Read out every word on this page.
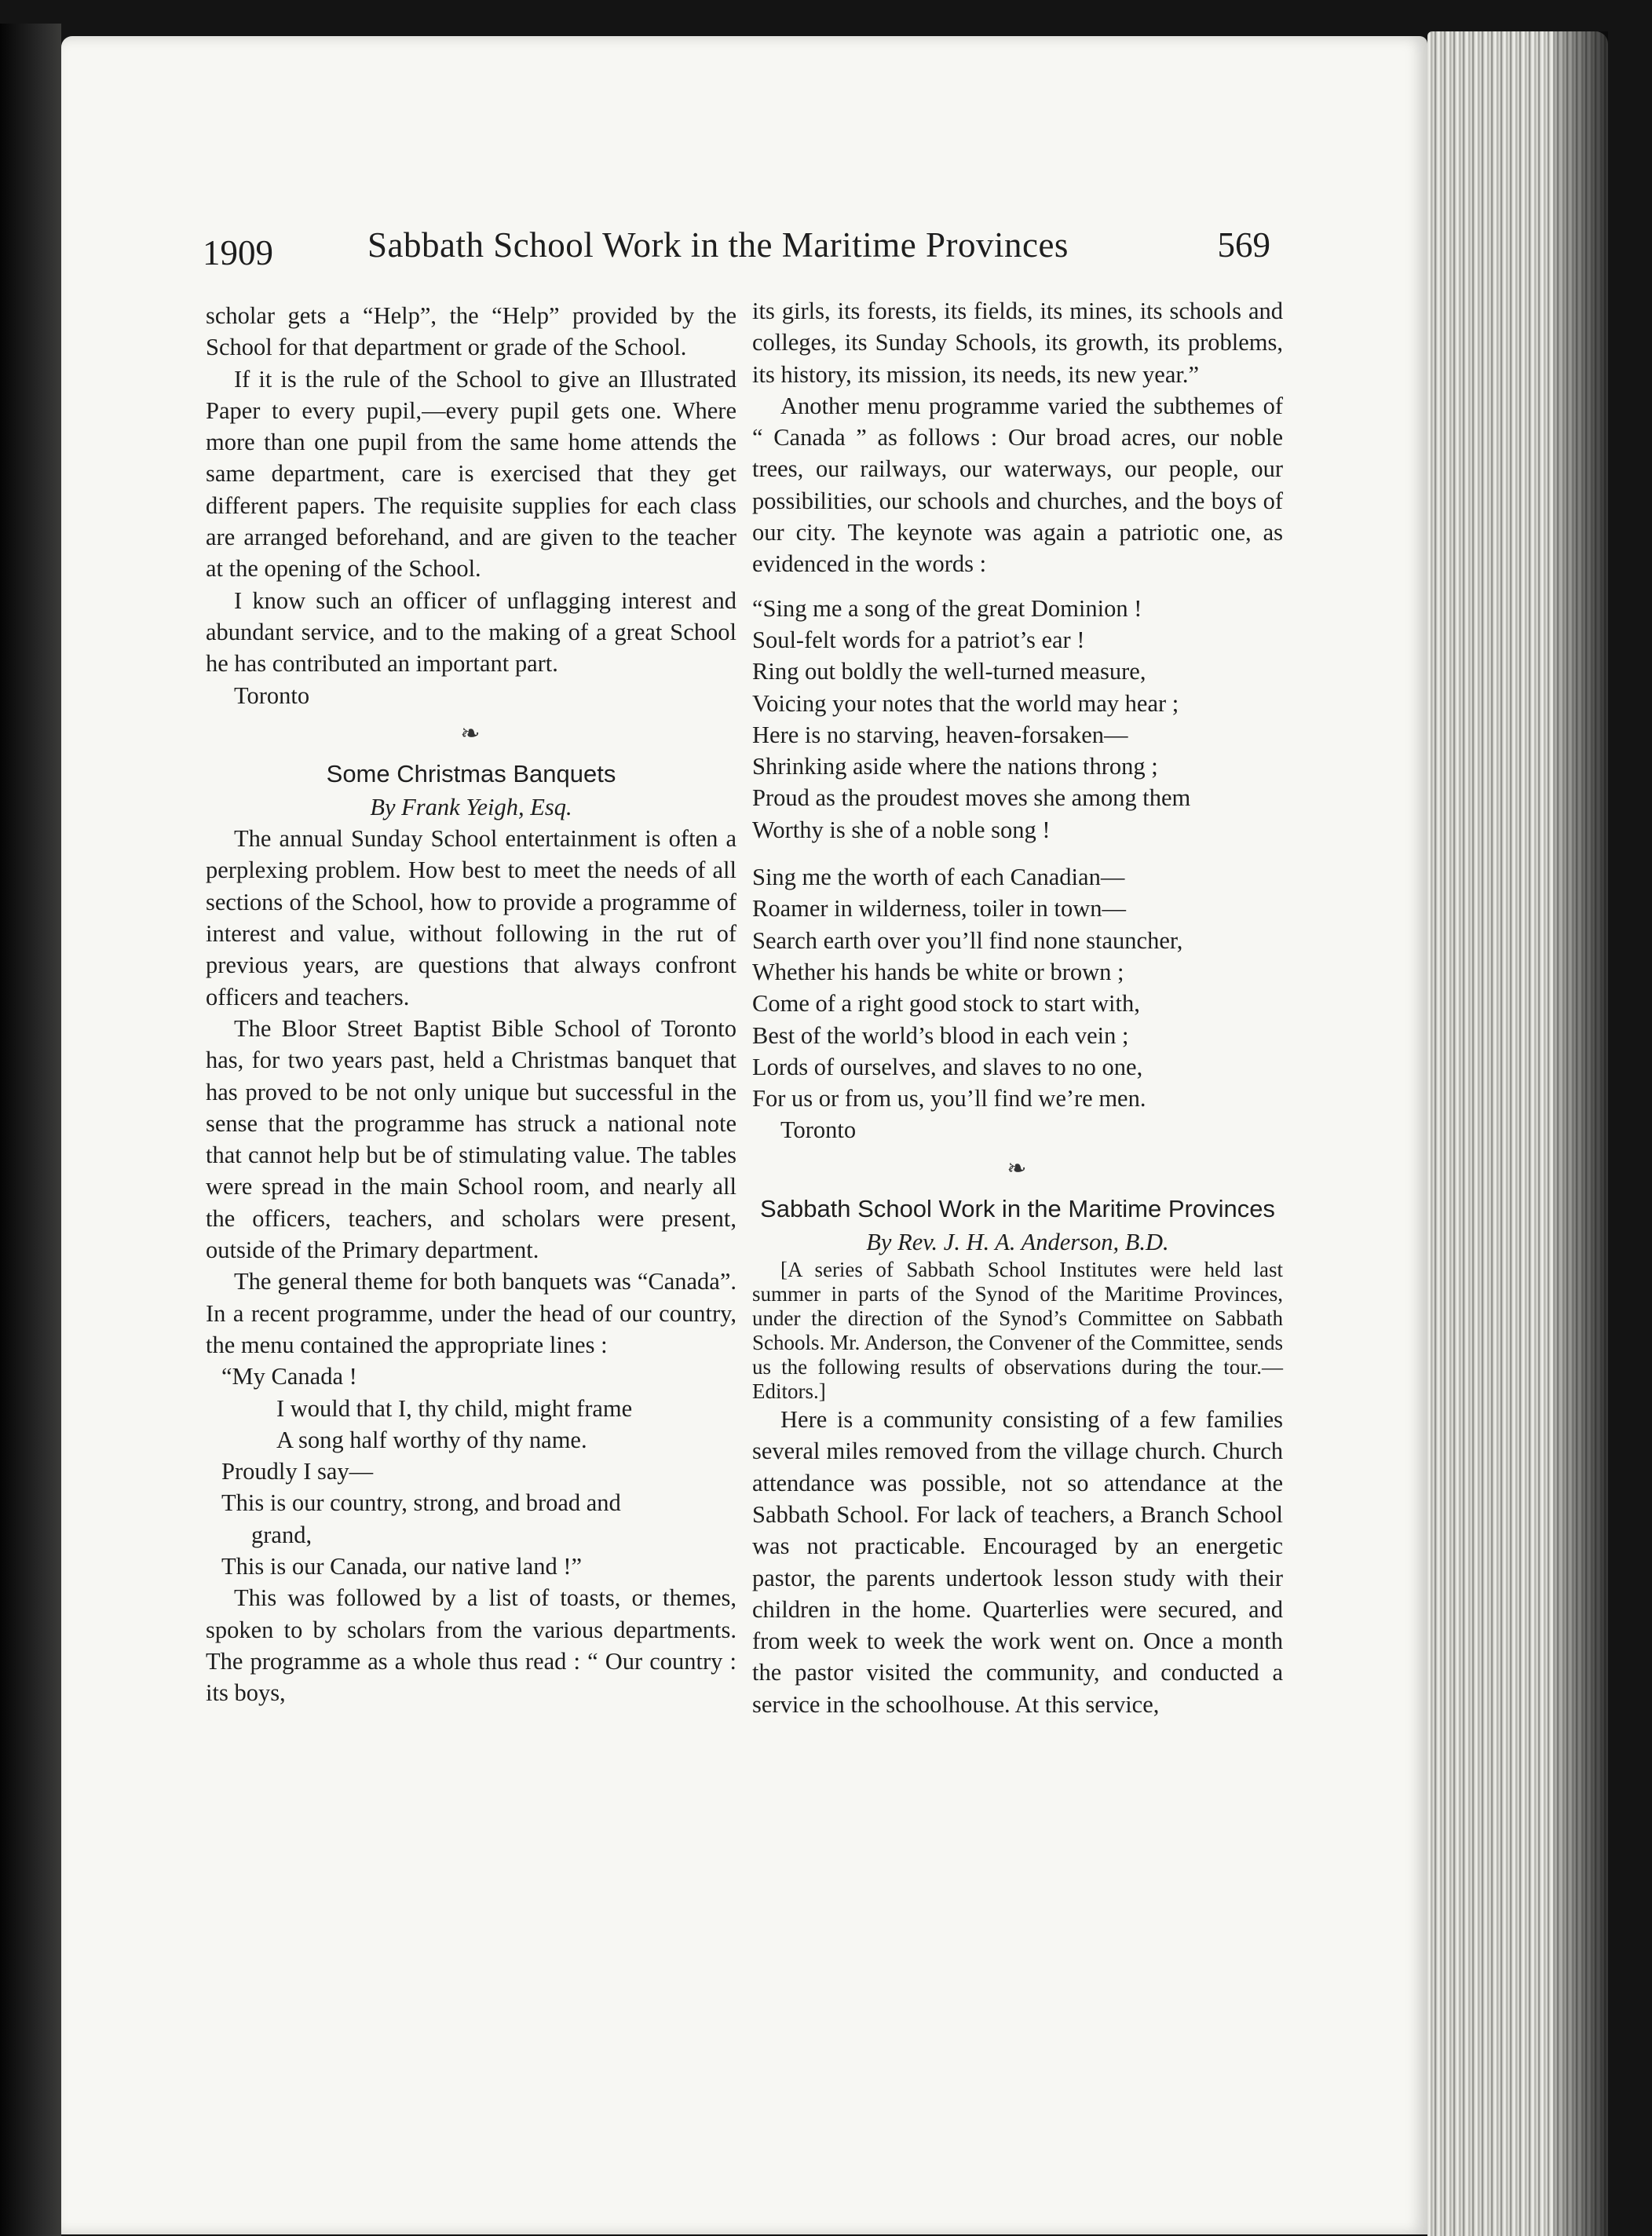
1909	Sabbath School Work in the Maritime Provinces	569

scholar gets a “Help”, the “Help” provided by the School for that department or grade of the School.

If it is the rule of the School to give an Illustrated Paper to every pupil,—every pupil gets one. Where more than one pupil from the same home attends the same department, care is exercised that they get different papers. The requisite supplies for each class are arranged beforehand, and are given to the teacher at the opening of the School.

I know such an officer of unflagging interest and abundant service, and to the making of a great School he has contributed an important part.

Toronto
❧

Some Christmas Banquets

By Frank Yeigh, Esq.

The annual Sunday School entertainment is often a perplexing problem. How best to meet the needs of all sections of the School, how to provide a programme of interest and value, without following in the rut of previous years, are questions that always confront officers and teachers.

The Bloor Street Baptist Bible School of Toronto has, for two years past, held a Christmas banquet that has proved to be not only unique but successful in the sense that the programme has struck a national note that cannot help but be of stimulating value. The tables were spread in the main School room, and nearly all the officers, teachers, and scholars were present, outside of the Primary department.

The general theme for both banquets was “Canada”. In a recent programme, under the head of our country, the menu contained the appropriate lines :

“My Canada !
I would that I, thy child, might frame
A song half worthy of thy name.
Proudly I say—
This is our country, strong, and broad and
grand,
This is our Canada, our native land !”

This was followed by a list of toasts, or themes, spoken to by scholars from the various departments. The programme as a whole thus read : “ Our country : its boys,

its girls, its forests, its fields, its mines, its schools and colleges, its Sunday Schools, its growth, its problems, its history, its mission, its needs, its new year.”

Another menu programme varied the subthemes of “ Canada ” as follows : Our broad acres, our noble trees, our railways, our waterways, our people, our possibilities, our schools and churches, and the boys of our city. The keynote was again a patriotic one, as evidenced in the words :

“Sing me a song of the great Dominion !
Soul-felt words for a patriot’s ear !
Ring out boldly the well-turned measure,
Voicing your notes that the world may hear ;
Here is no starving, heaven-forsaken—
Shrinking aside where the nations throng ;
Proud as the proudest moves she among them
Worthy is she of a noble song !
Sing me the worth of each Canadian—
Roamer in wilderness, toiler in town—
Search earth over you’ll find none stauncher,
Whether his hands be white or brown ;
Come of a right good stock to start with,
Best of the world’s blood in each vein ;
Lords of ourselves, and slaves to no one,
For us or from us, you’ll find we’re men.
Toronto
❧

Sabbath School Work in the Maritime Provinces

By Rev. J. H. A. Anderson, B.D.

[A series of Sabbath School Institutes were held last summer in parts of the Synod of the Maritime Provinces, under the direction of the Synod’s Committee on Sabbath Schools. Mr. Anderson, the Convener of the Committee, sends us the following results of observations during the tour.—Editors.]

Here is a community consisting of a few families several miles removed from the village church. Church attendance was possible, not so attendance at the Sabbath School. For lack of teachers, a Branch School was not practicable. Encouraged by an energetic pastor, the parents undertook lesson study with their children in the home. Quarterlies were secured, and from week to week the work went on. Once a month the pastor visited the community, and conducted a service in the schoolhouse. At this service,
